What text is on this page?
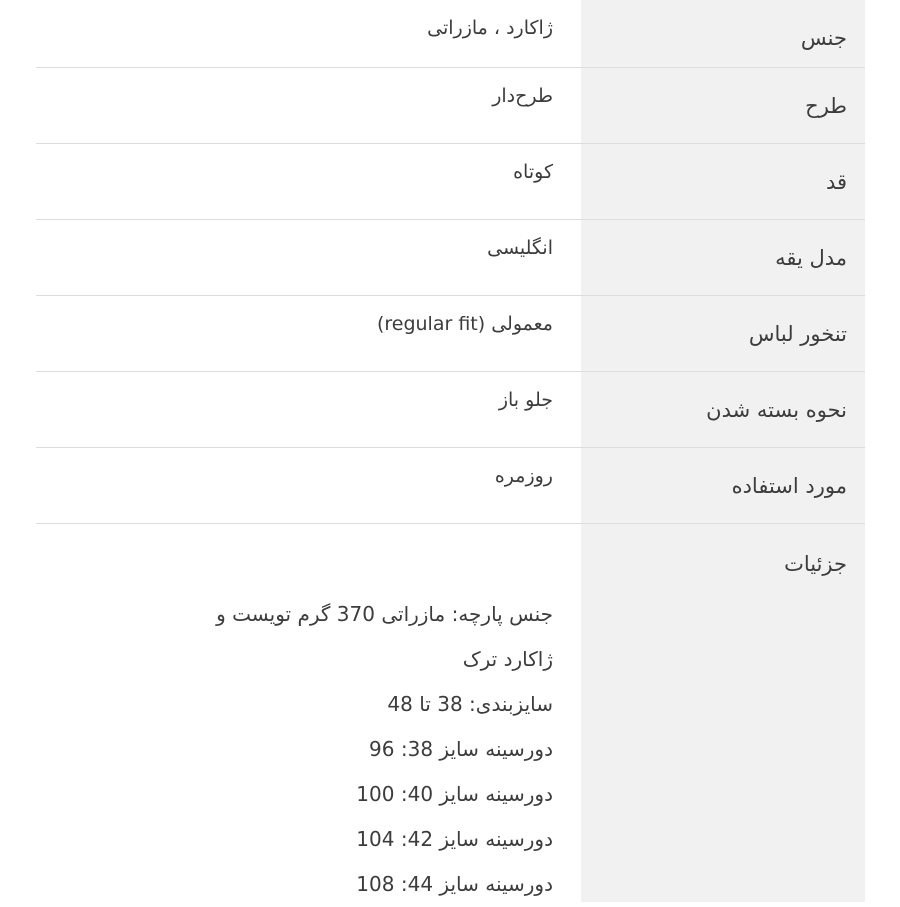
جنس
ژاکارد ، مازراتی
طرح
طرح‌دار
قد
کوتاه
مدل یقه
انگلیسی
تنخور لباس
معمولی (regular fit)
نحوه بسته شدن
جلو باز
مورد استفاده
روزمره
جزئیات
جنس پارچه: مازراتی 370 گرم تویست و
ژاکارد ترک
سایزبندی: 38 تا 48
دورسینه سایز 38: 96
دورسینه سایز 40: 100
دورسینه سایز 42: 104
دورسینه سایز 44: 108
